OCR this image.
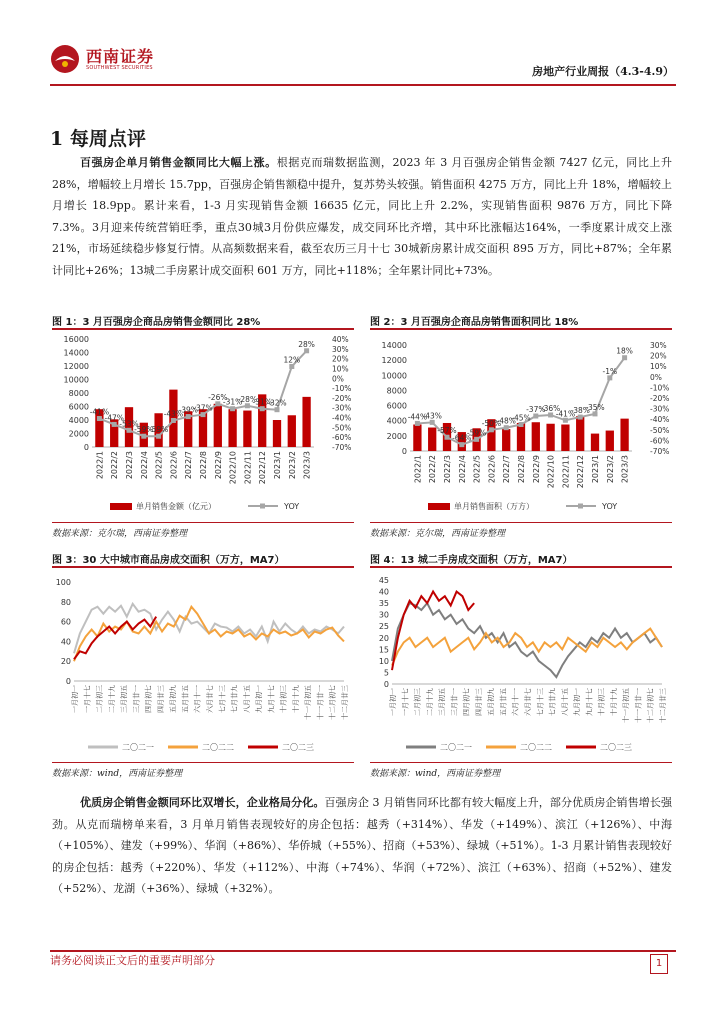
西南证券
SOUTHWEST SECURITIES	房地产行业周报（4.3-4.9）
1 每周点评
百强房企单月销售金额同比大幅上涨。根据克而瑞数据监测，2023 年 3 月百强房企销售金额 7427 亿元，同比上升 28%，增幅较上月增长 15.7pp，百强房企销售额稳中提升，复苏势头较强。销售面积 4275 万方，同比上升 18%，增幅较上月增长 18.9pp。累计来看，1-3 月实现销售金额 16635 亿元，同比上升 2.2%，实现销售面积 9876 万方，同比下降 7.3%。3月迎来传统营销旺季，重点30城3月份供应爆发，成交同环比齐增，其中环比涨幅达164%，一季度累计成交上涨 21%，市场延续稳步修复行情。从高频数据来看，截至农历三月十七 30城新房累计成交面积 895 万方，同比+87%；全年累计同比+26%；13城二手房累计成交面积 601 万方，同比+118%；全年累计同比+73%。
图 1：3 月百强房企商品房销售金额同比 28%
0
2000
4000
6000
8000
10000
12000
14000
16000
-70%
-60%
-50%
-40%
-30%
-20%
-10%
0%
10%
20%
30%
40%
-41%
-47%
-53%
-59%
-59%
-43%
-39%
-37%
-26%
-31%
-28%
-31%
-32%
12%
28%
2022/1 2022/2 2022/3 2022/4 2022/5 2022/6 2022/7 2022/8 2022/9 2022/10 2022/11 2022/12 2023/1 2023/2 2023/3
单月销售金额（亿元）	YOY
数据来源：克尔瑞，西南证券整理
图 2：3 月百强房企商品房销售面积同比 18%
0
2000
4000
6000
8000
10000
12000
14000
-70%
-60%
-50%
-40%
-30%
-20%
-10%
0%
10%
20%
30%
-44%
-43%
-57%
-64%
-59%
-50%
-48%
-45%
-37%
-36%
-41%
-38%
-35%
-1%
18%
2022/1 2022/2 2022/3 2022/4 2022/5 2022/6 2022/7 2022/8 2022/9 2022/10 2022/11 2022/12 2023/1 2023/2 2023/3
单月销售面积（万方）	YOY
数据来源：克尔瑞，西南证券整理
图 3：30 大中城市商品房成交面积（万方，MA7）
0
20
40
60
80
100
一月初一 一月十七 二月初三 二月十九 三月初五 三月廿一 四月初七 四月廿三 五月初九 五月廿五 六月十一 六月廿七 七月十三 七月廿九 八月十五 九月初一 九月十七 十月初三 十月十九 十一月初五 十一月廿一 十二月初七 十二月廿三
二〇二一	二〇二二	二〇二三
数据来源：wind，西南证券整理
图 4：13 城二手房成交面积（万方，MA7）
0
5
10
15
20
25
30
35
40
45
一月初一 一月十七 二月初三 二月十九 三月初五 三月廿一 四月初七 四月廿三 五月初九 五月廿五 六月十一 六月廿七 七月十三 七月廿九 八月十五 九月初一 九月十七 十月初三 十月十九 十一月初五 十一月廿一 十二月初七 十二月廿三
二〇二一	二〇二二	二〇二三
数据来源：wind，西南证券整理
优质房企销售金额同环比双增长，企业格局分化。百强房企 3 月销售同环比都有较大幅度上升，部分优质房企销售增长强劲。从克而瑞榜单来看，3 月单月销售表现较好的房企包括：越秀（+314%）、华发（+149%）、滨江（+126%）、中海（+105%）、建发（+99%）、华润（+86%）、华侨城（+55%）、招商（+53%）、绿城（+51%）。1-3 月累计销售表现较好的房企包括：越秀（+220%）、华发（+112%）、中海（+74%）、华润（+72%）、滨江（+63%）、招商（+52%）、建发（+52%）、龙湖（+36%）、绿城（+32%）。
请务必阅读正文后的重要声明部分	1
